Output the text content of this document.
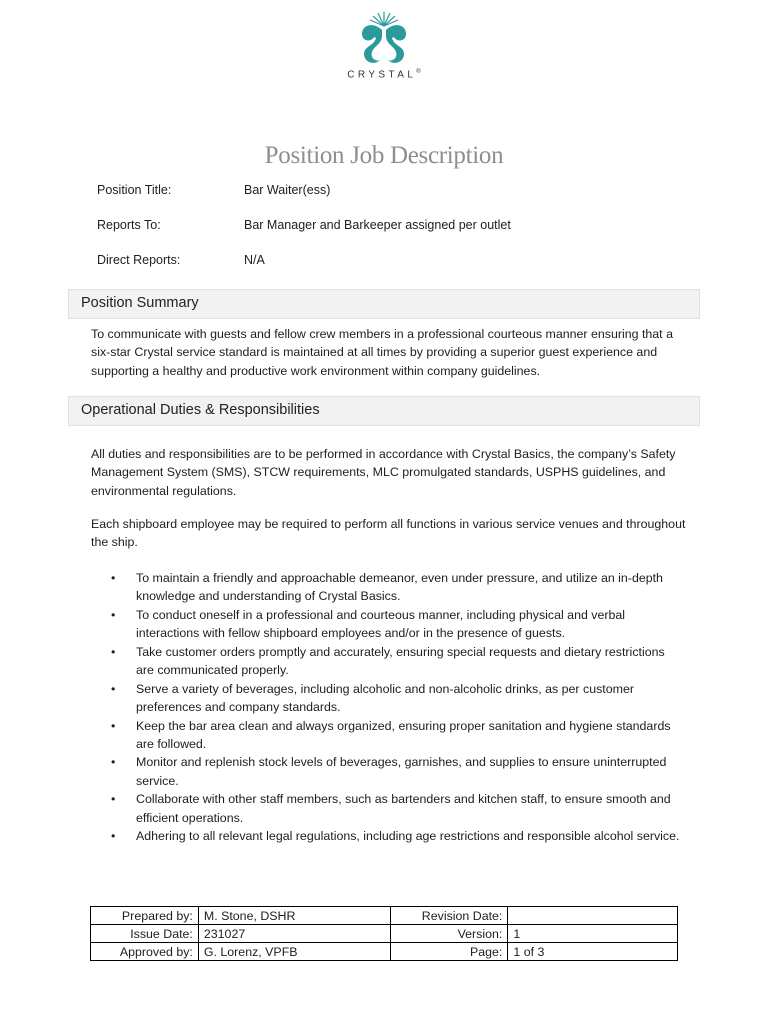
CRYSTAL®
Position Job Description
Position Title:	Bar Waiter(ess)
Reports To:	Bar Manager and Barkeeper assigned per outlet
Direct Reports:	N/A
Position Summary
To communicate with guests and fellow crew members in a professional courteous manner ensuring that a six-star Crystal service standard is maintained at all times by providing a superior guest experience and supporting a healthy and productive work environment within company guidelines.
Operational Duties & Responsibilities
All duties and responsibilities are to be performed in accordance with Crystal Basics, the company’s Safety Management System (SMS), STCW requirements, MLC promulgated standards, USPHS guidelines, and environmental regulations.
Each shipboard employee may be required to perform all functions in various service venues and throughout the ship.
• To maintain a friendly and approachable demeanor, even under pressure, and utilize an in-depth knowledge and understanding of Crystal Basics.
• To conduct oneself in a professional and courteous manner, including physical and verbal interactions with fellow shipboard employees and/or in the presence of guests.
• Take customer orders promptly and accurately, ensuring special requests and dietary restrictions are communicated properly.
• Serve a variety of beverages, including alcoholic and non-alcoholic drinks, as per customer preferences and company standards.
• Keep the bar area clean and always organized, ensuring proper sanitation and hygiene standards are followed.
• Monitor and replenish stock levels of beverages, garnishes, and supplies to ensure uninterrupted service.
• Collaborate with other staff members, such as bartenders and kitchen staff, to ensure smooth and efficient operations.
• Adhering to all relevant legal regulations, including age restrictions and responsible alcohol service.
Prepared by:	M. Stone, DSHR	Revision Date:	
Issue Date:	231027	Version:	1
Approved by:	G. Lorenz, VPFB	Page:	1 of 3
